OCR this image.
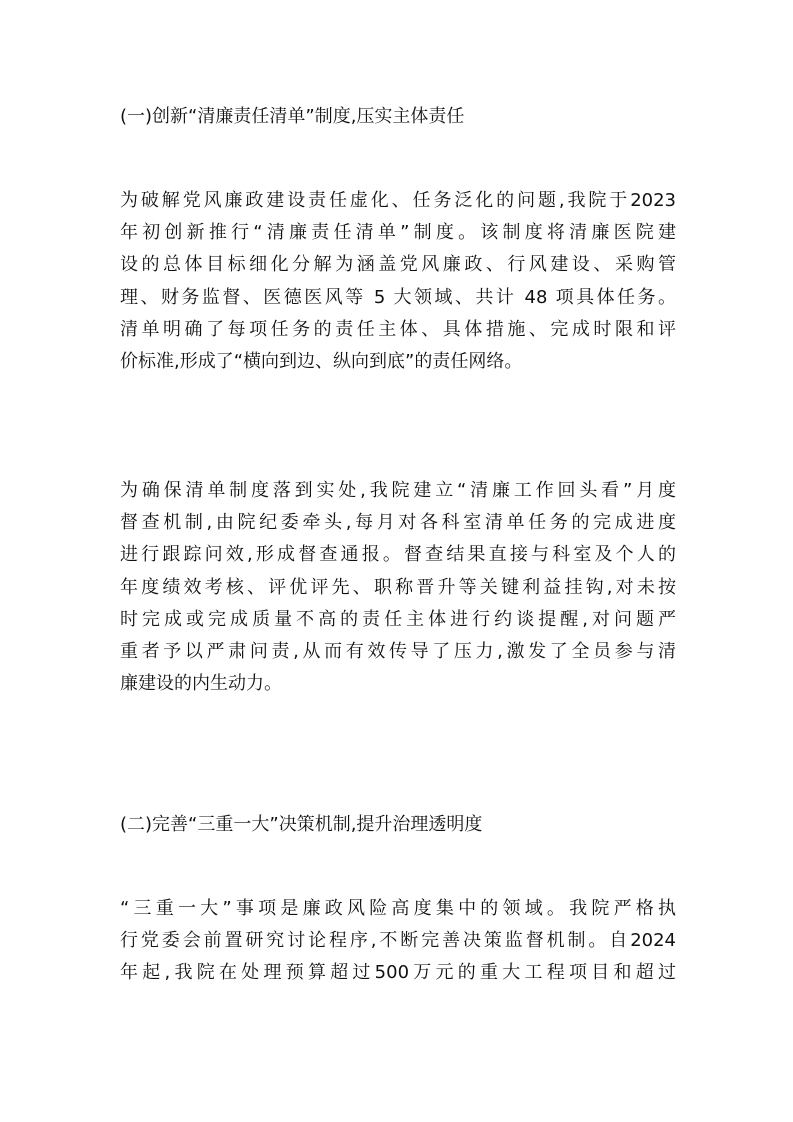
(一)创新“清廉责任清单”制度,压实主体责任
为破解党风廉政建设责任虚化、任务泛化的问题,我院于2023
年初创新推行“清廉责任清单”制度。该制度将清廉医院建
设的总体目标细化分解为涵盖党风廉政、行风建设、采购管
理、财务监督、医德医风等 5 大领域、共计 48 项具体任务。
清单明确了每项任务的责任主体、具体措施、完成时限和评
价标准,形成了“横向到边、纵向到底”的责任网络。
为确保清单制度落到实处,我院建立“清廉工作回头看”月度
督查机制,由院纪委牵头,每月对各科室清单任务的完成进度
进行跟踪问效,形成督查通报。督查结果直接与科室及个人的
年度绩效考核、评优评先、职称晋升等关键利益挂钩,对未按
时完成或完成质量不高的责任主体进行约谈提醒,对问题严
重者予以严肃问责,从而有效传导了压力,激发了全员参与清
廉建设的内生动力。
(二)完善“三重一大”决策机制,提升治理透明度
“三重一大”事项是廉政风险高度集中的领域。我院严格执
行党委会前置研究讨论程序,不断完善决策监督机制。自2024
年起,我院在处理预算超过500万元的重大工程项目和超过
